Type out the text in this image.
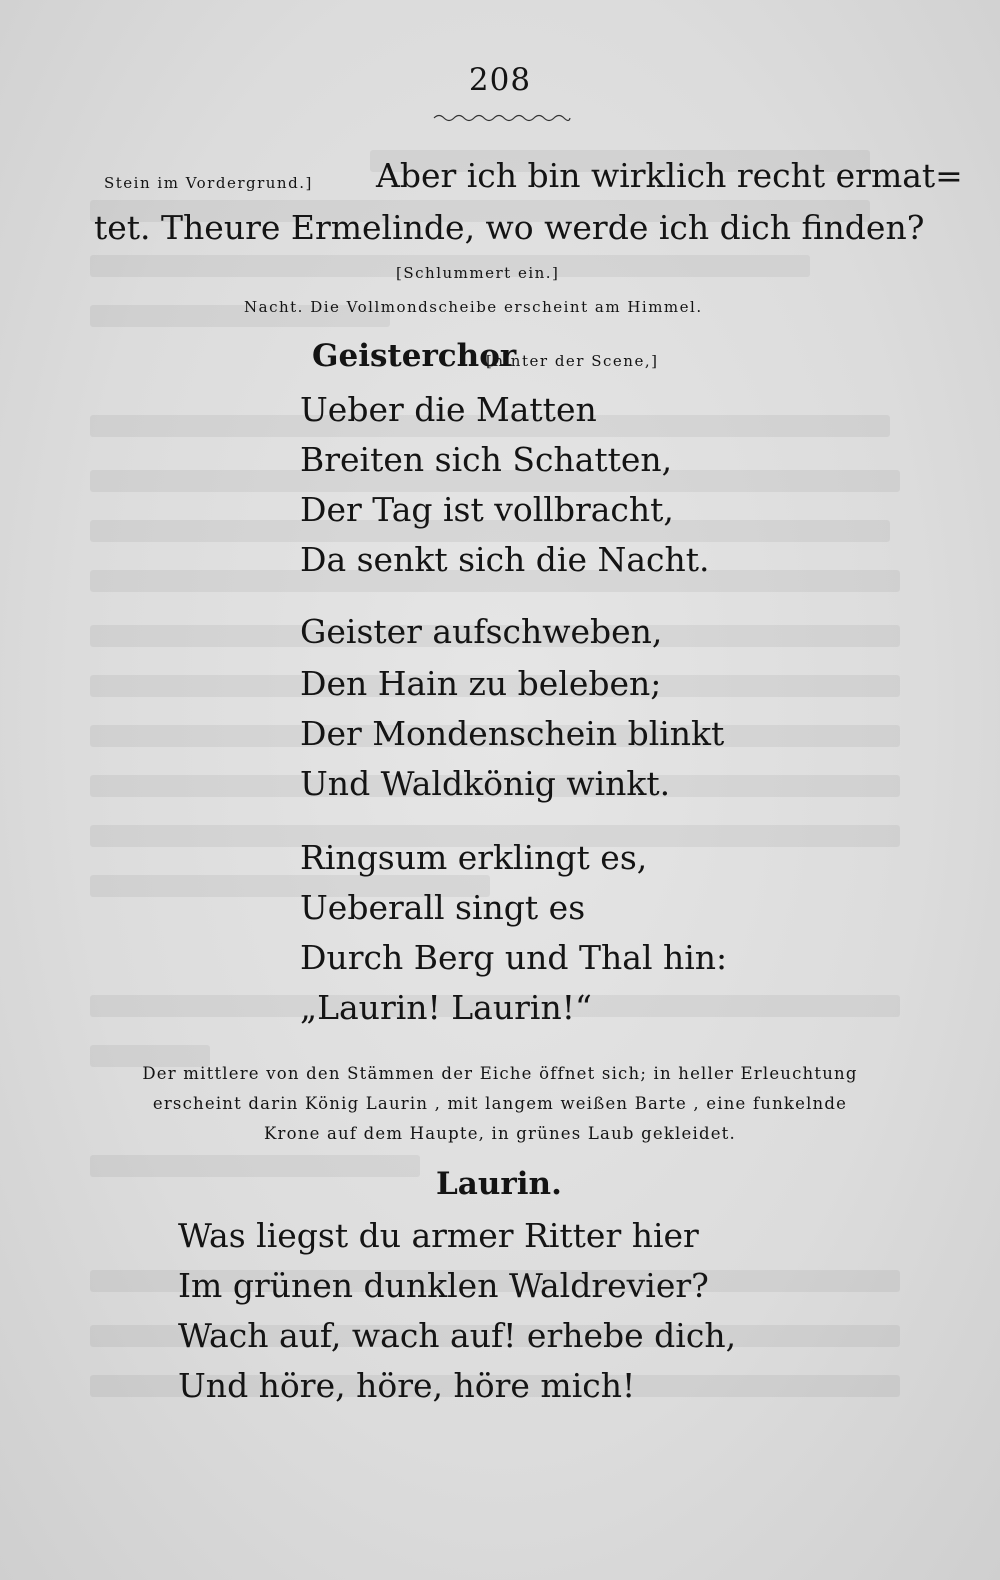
208
Stein im Vordergrund.] Aber ich bin wirklich recht ermat=
tet. Theure Ermelinde, wo werde ich dich finden?
[Schlummert ein.]
Nacht. Die Vollmondscheibe erscheint am Himmel.
Geisterchor
[hinter der Scene,]
Ueber die Matten
Breiten sich Schatten,
Der Tag ist vollbracht,
Da senkt sich die Nacht.
Geister aufschweben,
Den Hain zu beleben;
Der Mondenschein blinkt
Und Waldkönig winkt.
Ringsum erklingt es,
Ueberall singt es
Durch Berg und Thal hin:
„Laurin! Laurin!“
Der mittlere von den Stämmen der Eiche öffnet sich; in heller Erleuchtung
erscheint darin König Laurin , mit langem weißen Barte , eine funkelnde
Krone auf dem Haupte, in grünes Laub gekleidet.
Laurin.
Was liegst du armer Ritter hier
Im grünen dunklen Waldrevier?
Wach auf, wach auf! erhebe dich,
Und höre, höre, höre mich!
